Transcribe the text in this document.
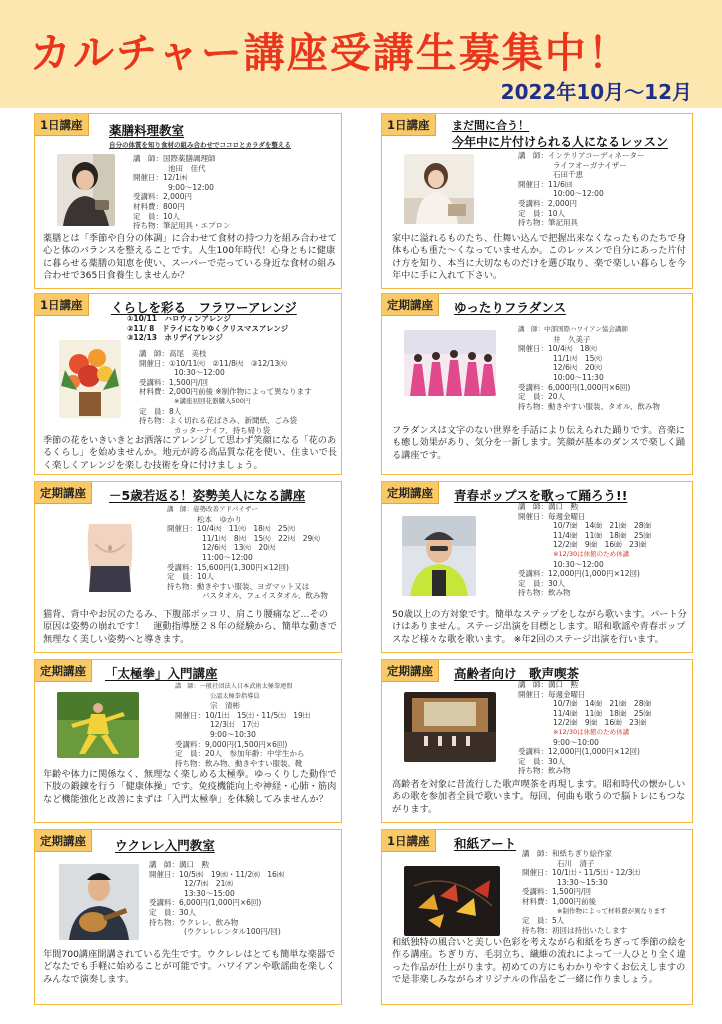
カルチャー講座受講生募集中！
2022年10月～12月
1日講座	薬膳料理教室
自分の体質を知り食材の組み合わせでココロとカラダを整える
講　師：国際薬膳調理師
池田　佳代
開催日：12/1㈭
9:00～12:00
受講料：2,000円
材料費：800円
定　員：10人
持ち物：筆記用具・エプロン
薬膳とは「季節や自分の体調」に合わせて食材の持つ力を組み合わせて心と体のバランスを整えることです。人生100年時代！心身ともに健康に暮らせる薬膳の知恵を使い、スーパーで売っている身近な食材の組み合わせで365日食養生しませんか？
1日講座	まだ間に合う！
今年中に片付けられる人になるレッスン
講　師：インテリアコーディネーター
ライフオーガナイザー
石田千恵
開催日：11/6㈰
10:00～12:00
受講料：2,000円
定　員：10人
持ち物：筆記用具
家中に溢れるものたち、仕舞い込んで把握出来なくなったものたちで身体も心も重た～くなっていませんか。このレッスンで自分にあった片付け方を知り、本当に大切なものだけを選び取り、楽で楽しい暮らしを今年中に手に入れて下さい。
1日講座	くらしを彩る　フラワーアレンジ
①10/11　ハロウィンアレンジ
②11/ 8　ドライになりゆくクリスマスアレンジ
③12/13　ホリデイアレンジ
講　師：高尾　美枝
開催日：①10/11㈫　②11/8㈫　③12/13㈫
10:30～12:00
受講料：1,500円/回
材料費：2,000円前後 ※制作物によって異なります
※講座初回花器購入500円
定　員：8人
持ち物：よく切れる花ばさみ、新聞紙、ごみ袋
カッターナイフ、持ち帰り袋
季節の花をいきいきとお洒落にアレンジして思わず笑顔になる「花のあるくらし」を始めませんか。地元が誇る高品質な花を使い、住まいで長く楽しくアレンジを楽しむ技術を身に付けましょう。
定期講座	ゆったりフラダンス
講　師：中部国際ハワイアン協会講師
井　久美子
開催日：10/4㈫　18㈫
11/1㈫　15㈫
12/6㈫　20㈫
10:00～11:30
受講料：6,000円(1,000円×6回)
定　員：20人
持ち物：動きやすい服装、タオル、飲み物
フラダンスは文字のない世界を手話により伝えられた踊りです。音楽にも癒し効果があり、気分を一新します。笑顔が基本のダンスで楽しく踊る講座です。
定期講座	－5歳若返る！姿勢美人になる講座
講　師：姿勢改善アドバイザー
松本　ゆかり
開催日：10/4㈫　11㈫　18㈫　25㈫
11/1㈫　8㈫　15㈫　22㈫　29㈫
12/6㈫　13㈫　20㈫
11:00～12:00
受講料：15,600円(1,300円×12回)
定　員：10人
持ち物：動きやすい服装、ヨガマット又は
バスタオル、フェイスタオル、飲み物
猫背、背中やお尻のたるみ、下腹部ポッコリ、肩こり腰痛など…その原因は姿勢の崩れです！　運動指導歴２８年の経験から、簡単な動きで無理なく美しい姿勢へと導きます。
定期講座	青春ポップスを歌って踊ろう!!
講　師：溝口　勲
開催日：毎週金曜日
10/7㈮　14㈮　21㈮　28㈮
11/4㈮　11㈮　18㈮　25㈮
12/2㈮　9㈮　16㈮　23㈮
※12/30は休館のため休講
10:30～12:00
受講料：12,000円(1,000円×12回)
定　員：30人
持ち物：飲み物
50歳以上の方対象です。簡単なステップをしながら歌います。パート分けはありません。ステージ出演を目標とします。昭和歌謡や青春ポップスなど様々な歌を歌います。 ※年2回のステージ出演を行います。
定期講座	「太極拳」入門講座
講　師：一般社団法人日本武術太極拳連盟
公認太極拳指導員
宗　清彬
開催日：10/1㈯　15㈯・11/5㈯　19㈯
12/3㈯　17㈯
9:00～10:30
受講料：9,000円(1,500円×6回)
定　員：20人　参加年齢：中学生から
持ち物：飲み物、動きやすい服装、靴
年齢や体力に関係なく、無理なく楽しめる太極拳。ゆっくりした動作で下肢の鍛錬を行う「健康体操」です。免疫機能向上や神経・心肺・筋肉など機能強化と改善にまずは「入門太極拳」を体験してみませんか？
定期講座	高齢者向け　歌声喫茶
講　師：溝口　勲
開催日：毎週金曜日
10/7㈮　14㈮　21㈮　28㈮
11/4㈮　11㈮　18㈮　25㈮
12/2㈮　9㈮　16㈮　23㈮
※12/30は休館のため休講
9:00～10:00
受講料：12,000円(1,000円×12回)
定　員：30人
持ち物：飲み物
高齢者を対象に昔流行した歌声喫茶を再現します。昭和時代の懐かしいあの歌を参加者全員で歌います。毎回、何曲も歌うので脳トレにもつながります。
定期講座	ウクレレ入門教室
講　師：溝口　勲
開催日：10/5㈬　19㈬・11/2㈬　16㈬
12/7㈬　21㈬
13:30～15:00
受講料：6,000円(1,000円×6回)
定　員：30人
持ち物：ウクレレ、飲み物
(ウクレレレンタル100円/回)
年間700講座開講されている先生です。ウクレレはとても簡単な楽器でどなたでも手軽に始めることが可能です。ハワイアンや歌謡曲を楽しくみんなで演奏します。
1日講座	和紙アート
講　師：和紙ちぎり絵作家
石川　清子
開催日：10/1㈯・11/5㈯・12/3㈯
13:30～15:30
受講料：1,500円/回
材料費：1,000円前後
※制作物によって材料費が異なります
定　員：5人
持ち物：初回は持出いたします
和紙独特の風合いと美しい色彩を考えながら和紙をちぎって季節の絵を作る講座。ちぎり方、毛羽立ち、繊維の流れによって一人ひとり全く違った作品が仕上がります。初めての方にもわかりやすくお伝えしますので是非楽しみながらオリジナルの作品をご一緒に作りましょう。
